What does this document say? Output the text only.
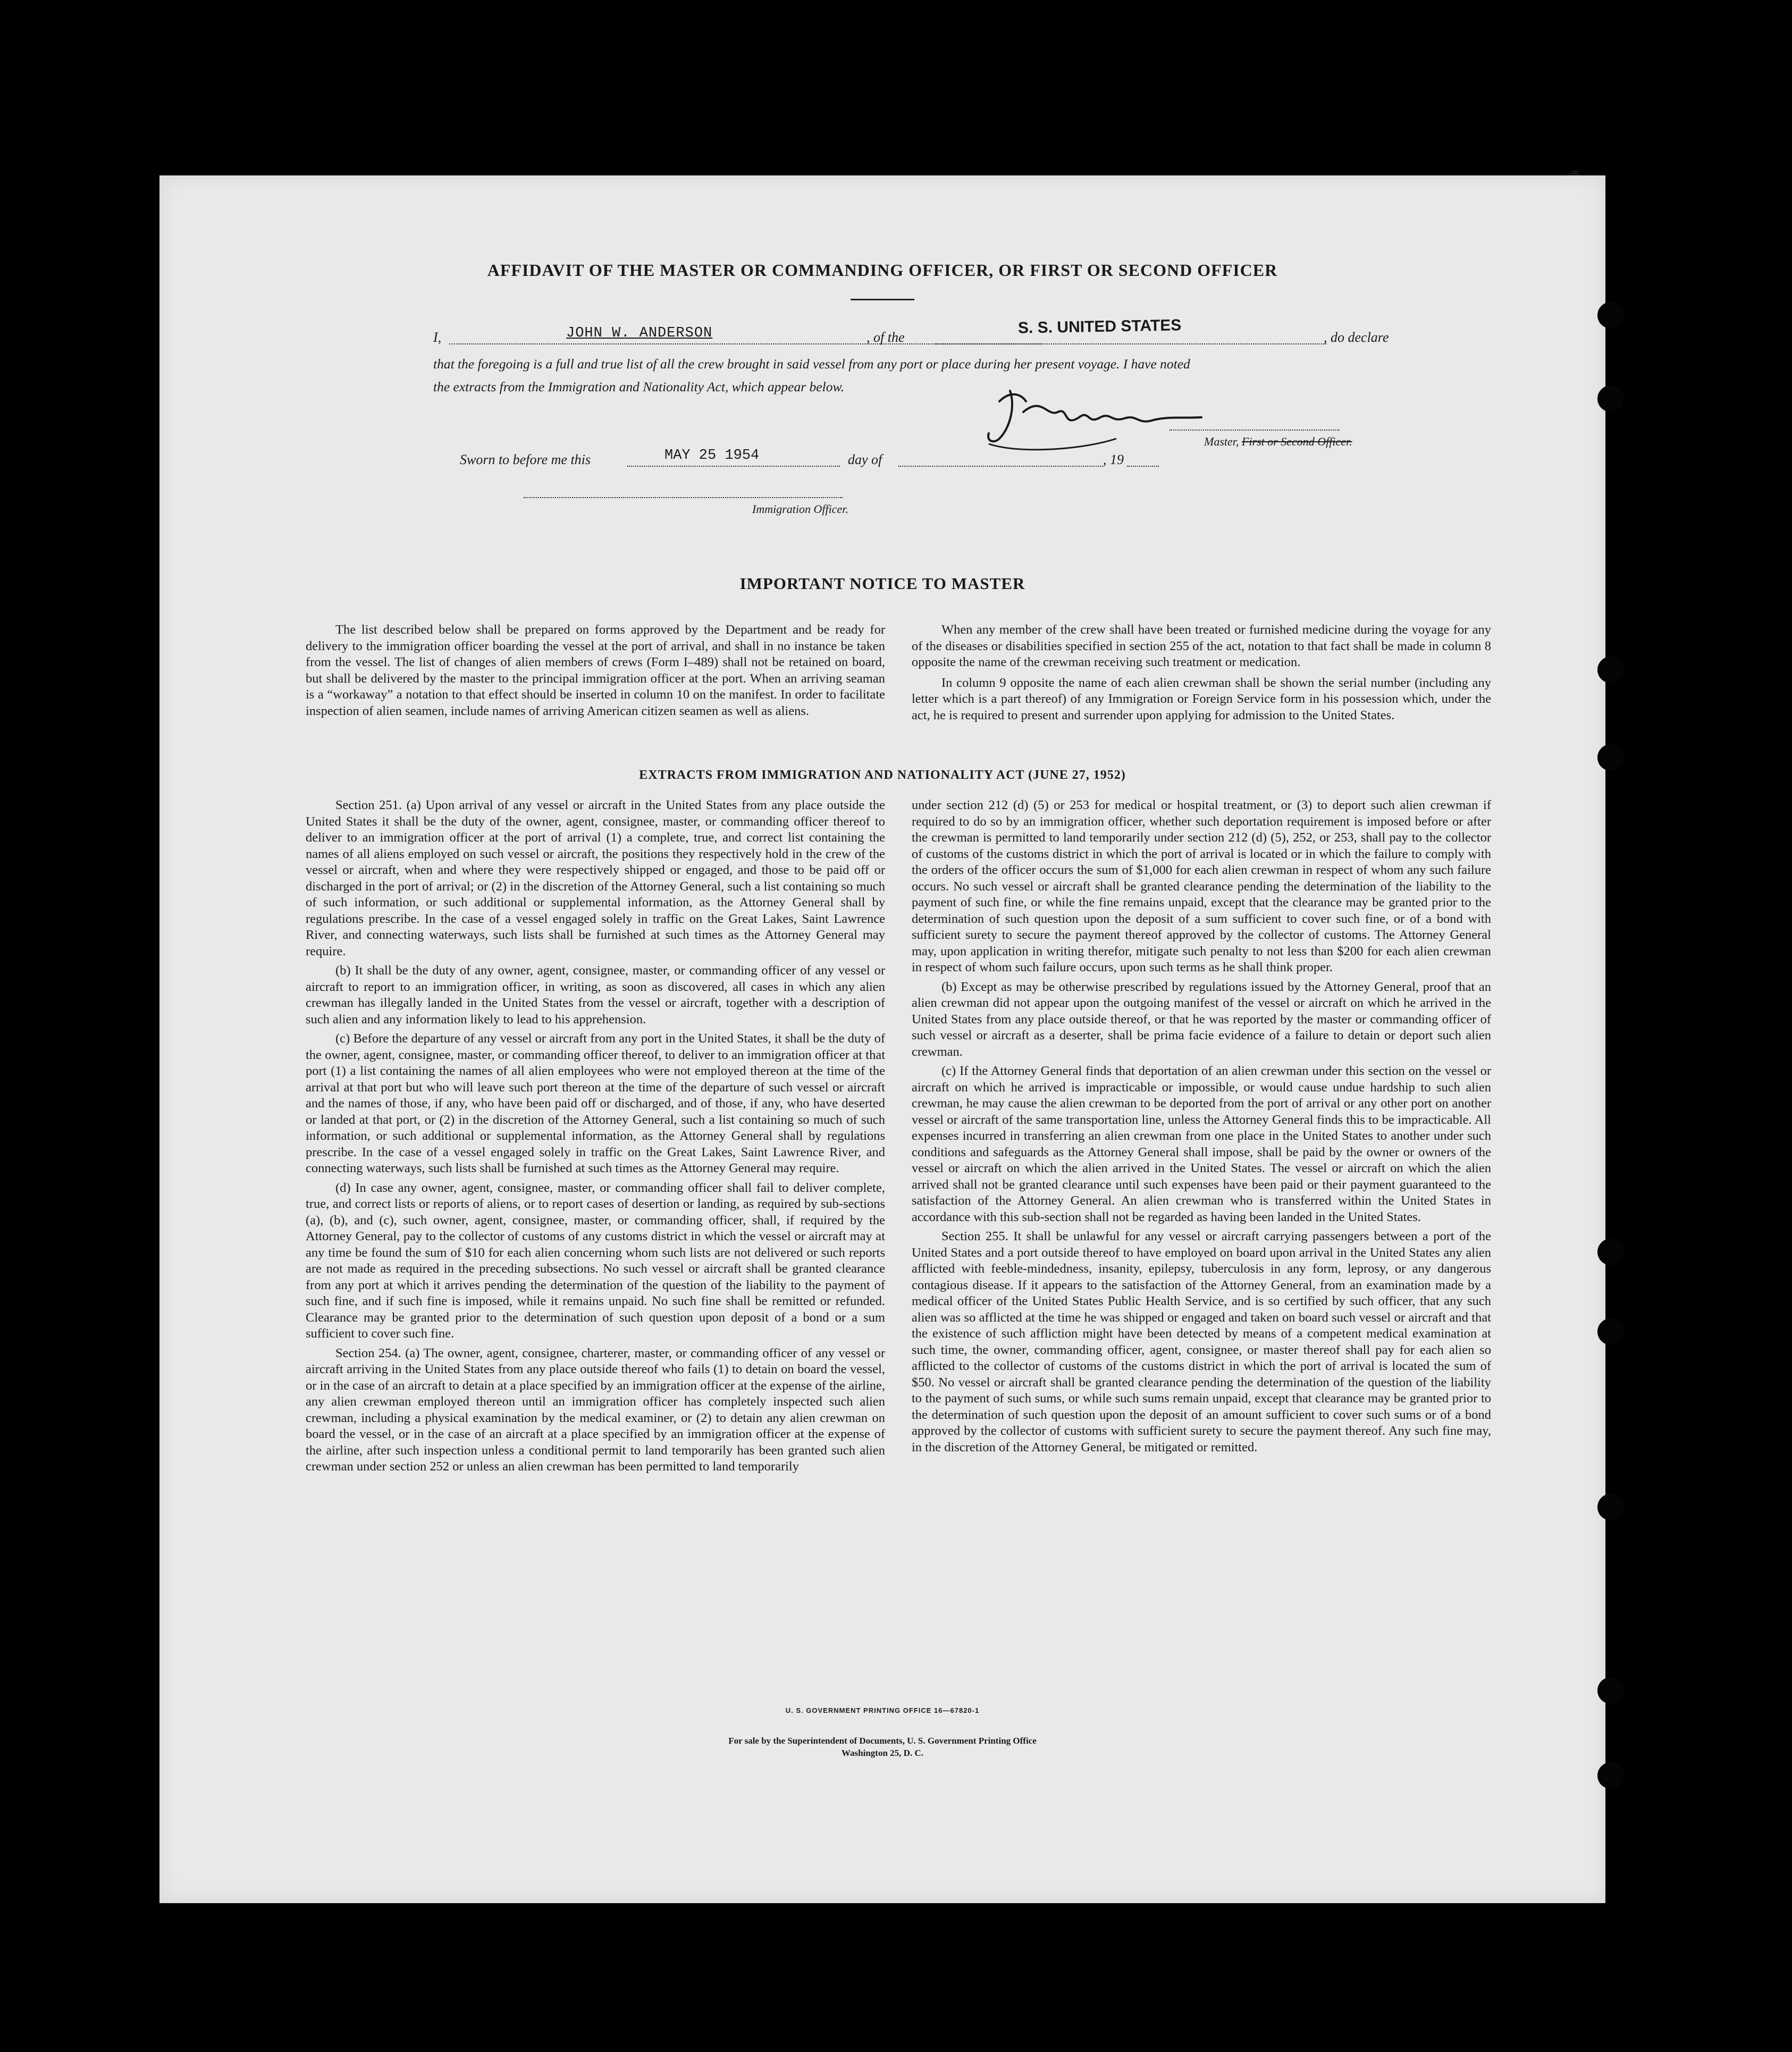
AFFIDAVIT OF THE MASTER OR COMMANDING OFFICER, OR FIRST OR SECOND OFFICER
I,	JOHN W. ANDERSON	, of the
S. S. UNITED STATES
, do declare
that the foregoing is a full and true list of all the crew brought in said vessel from any port or place during her present voyage. I have noted
the extracts from the Immigration and Nationality Act, which appear below.
Master, First or Second Officer.
Sworn to before me this	MAY 25 1954	day of	, 19
Immigration Officer.
IMPORTANT NOTICE TO MASTER

The list described below shall be prepared on forms approved by the Department and be ready for delivery to the immigration officer boarding the vessel at the port of arrival, and shall in no instance be taken from the vessel. The list of changes of alien members of crews (Form I–489) shall not be retained on board, but shall be delivered by the master to the principal immigration officer at the port. When an arriving seaman is a “workaway” a notation to that effect should be inserted in column 10 on the manifest. In order to facilitate inspection of alien seamen, include names of arriving American citizen seamen as well as aliens.

When any member of the crew shall have been treated or furnished medicine during the voyage for any of the diseases or disabilities specified in section 255 of the act, notation to that fact shall be made in column 8 opposite the name of the crewman receiving such treatment or medication.

In column 9 opposite the name of each alien crewman shall be shown the serial number (including any letter which is a part thereof) of any Immigration or Foreign Service form in his possession which, under the act, he is required to present and surrender upon applying for admission to the United States.

EXTRACTS FROM IMMIGRATION AND NATIONALITY ACT (JUNE 27, 1952)

Section 251. (a) Upon arrival of any vessel or aircraft in the United States from any place outside the United States it shall be the duty of the owner, agent, consignee, master, or commanding officer thereof to deliver to an immigration officer at the port of arrival (1) a complete, true, and correct list containing the names of all aliens employed on such vessel or aircraft, the positions they respectively hold in the crew of the vessel or aircraft, when and where they were respectively shipped or engaged, and those to be paid off or discharged in the port of arrival; or (2) in the discretion of the Attorney General, such a list containing so much of such information, or such additional or supplemental information, as the Attorney General shall by regulations prescribe. In the case of a vessel engaged solely in traffic on the Great Lakes, Saint Lawrence River, and connecting waterways, such lists shall be furnished at such times as the Attorney General may require.

(b) It shall be the duty of any owner, agent, consignee, master, or commanding officer of any vessel or aircraft to report to an immigration officer, in writing, as soon as discovered, all cases in which any alien crewman has illegally landed in the United States from the vessel or aircraft, together with a description of such alien and any information likely to lead to his apprehension.

(c) Before the departure of any vessel or aircraft from any port in the United States, it shall be the duty of the owner, agent, consignee, master, or commanding officer thereof, to deliver to an immigration officer at that port (1) a list containing the names of all alien employees who were not employed thereon at the time of the arrival at that port but who will leave such port thereon at the time of the departure of such vessel or aircraft and the names of those, if any, who have been paid off or discharged, and of those, if any, who have deserted or landed at that port, or (2) in the discretion of the Attorney General, such a list containing so much of such information, or such additional or supplemental information, as the Attorney General shall by regulations prescribe. In the case of a vessel engaged solely in traffic on the Great Lakes, Saint Lawrence River, and connecting waterways, such lists shall be furnished at such times as the Attorney General may require.

(d) In case any owner, agent, consignee, master, or commanding officer shall fail to deliver complete, true, and correct lists or reports of aliens, or to report cases of desertion or landing, as required by sub-sections (a), (b), and (c), such owner, agent, consignee, master, or commanding officer, shall, if required by the Attorney General, pay to the collector of customs of any customs district in which the vessel or aircraft may at any time be found the sum of $10 for each alien concerning whom such lists are not delivered or such reports are not made as required in the preceding subsections. No such vessel or aircraft shall be granted clearance from any port at which it arrives pending the determination of the question of the liability to the payment of such fine, and if such fine is imposed, while it remains unpaid. No such fine shall be remitted or refunded. Clearance may be granted prior to the determination of such question upon deposit of a bond or a sum sufficient to cover such fine.

Section 254. (a) The owner, agent, consignee, charterer, master, or commanding officer of any vessel or aircraft arriving in the United States from any place outside thereof who fails (1) to detain on board the vessel, or in the case of an aircraft to detain at a place specified by an immigration officer at the expense of the airline, any alien crewman employed thereon until an immigration officer has completely inspected such alien crewman, including a physical examination by the medical examiner, or (2) to detain any alien crewman on board the vessel, or in the case of an aircraft at a place specified by an immigration officer at the expense of the airline, after such inspection unless a conditional permit to land temporarily has been granted such alien crewman under section 252 or unless an alien crewman has been permitted to land temporarily

under section 212 (d) (5) or 253 for medical or hospital treatment, or (3) to deport such alien crewman if required to do so by an immigration officer, whether such deportation requirement is imposed before or after the crewman is permitted to land temporarily under section 212 (d) (5), 252, or 253, shall pay to the collector of customs of the customs district in which the port of arrival is located or in which the failure to comply with the orders of the officer occurs the sum of $1,000 for each alien crewman in respect of whom any such failure occurs. No such vessel or aircraft shall be granted clearance pending the determination of the liability to the payment of such fine, or while the fine remains unpaid, except that the clearance may be granted prior to the determination of such question upon the deposit of a sum sufficient to cover such fine, or of a bond with sufficient surety to secure the payment thereof approved by the collector of customs. The Attorney General may, upon application in writing therefor, mitigate such penalty to not less than $200 for each alien crewman in respect of whom such failure occurs, upon such terms as he shall think proper.

(b) Except as may be otherwise prescribed by regulations issued by the Attorney General, proof that an alien crewman did not appear upon the outgoing manifest of the vessel or aircraft on which he arrived in the United States from any place outside thereof, or that he was reported by the master or commanding officer of such vessel or aircraft as a deserter, shall be prima facie evidence of a failure to detain or deport such alien crewman.

(c) If the Attorney General finds that deportation of an alien crewman under this section on the vessel or aircraft on which he arrived is impracticable or impossible, or would cause undue hardship to such alien crewman, he may cause the alien crewman to be deported from the port of arrival or any other port on another vessel or aircraft of the same transportation line, unless the Attorney General finds this to be impracticable. All expenses incurred in transferring an alien crewman from one place in the United States to another under such conditions and safeguards as the Attorney General shall impose, shall be paid by the owner or owners of the vessel or aircraft on which the alien arrived in the United States. The vessel or aircraft on which the alien arrived shall not be granted clearance until such expenses have been paid or their payment guaranteed to the satisfaction of the Attorney General. An alien crewman who is transferred within the United States in accordance with this sub-section shall not be regarded as having been landed in the United States.

Section 255. It shall be unlawful for any vessel or aircraft carrying passengers between a port of the United States and a port outside thereof to have employed on board upon arrival in the United States any alien afflicted with feeble-mindedness, insanity, epilepsy, tuberculosis in any form, leprosy, or any dangerous contagious disease. If it appears to the satisfaction of the Attorney General, from an examination made by a medical officer of the United States Public Health Service, and is so certified by such officer, that any such alien was so afflicted at the time he was shipped or engaged and taken on board such vessel or aircraft and that the existence of such affliction might have been detected by means of a competent medical examination at such time, the owner, commanding officer, agent, consignee, or master thereof shall pay for each alien so afflicted to the collector of customs of the customs district in which the port of arrival is located the sum of $50. No vessel or aircraft shall be granted clearance pending the determination of the question of the liability to the payment of such sums, or while such sums remain unpaid, except that clearance may be granted prior to the determination of such question upon the deposit of an amount sufficient to cover such sums or of a bond approved by the collector of customs with sufficient surety to secure the payment thereof. Any such fine may, in the discretion of the Attorney General, be mitigated or remitted.

U. S. GOVERNMENT PRINTING OFFICE 16—67820-1
For sale by the Superintendent of Documents, U. S. Government Printing Office
Washington 25, D. C.
